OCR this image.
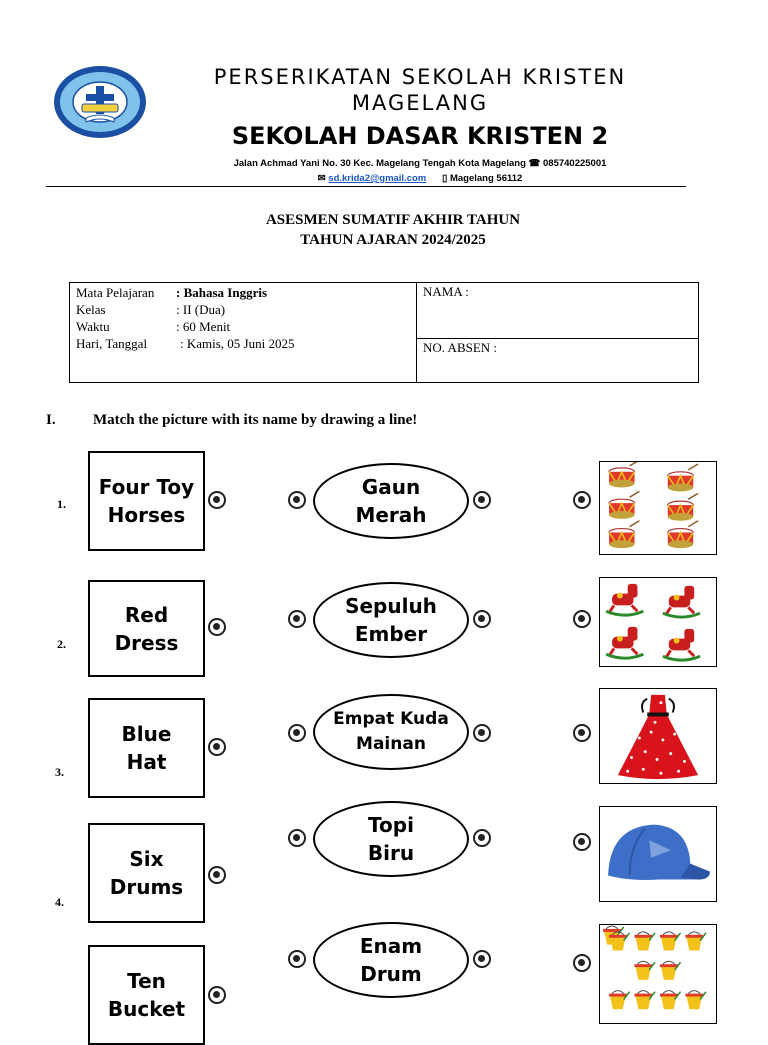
PERSERIKATAN SEKOLAH KRISTEN
MAGELANG
SEKOLAH DASAR KRISTEN 2
Jalan Achmad Yani No. 30 Kec. Magelang Tengah Kota Magelang ☎ 085740225001
✉ sd.krida2@gmail.com ▯ Magelang 56112
ASESMEN SUMATIF AKHIR TAHUN
TAHUN AJARAN 2024/2025
Mata Pelajaran : Bahasa Inggris
Kelas	: II (Dua)
Waktu	: 60 Menit
Hari, Tanggal	: Kamis, 05 Juni 2025
NAMA :
NO. ABSEN :
I. Match the picture with its name by drawing a line!
1.
Four Toy
Horses
Gaun
Merah
2.
Red
Dress
Sepuluh
Ember
3.
Blue
Hat
Empat Kuda
Mainan
4.
Six
Drums
Topi
Biru
Ten
Bucket
Enam
Drum
